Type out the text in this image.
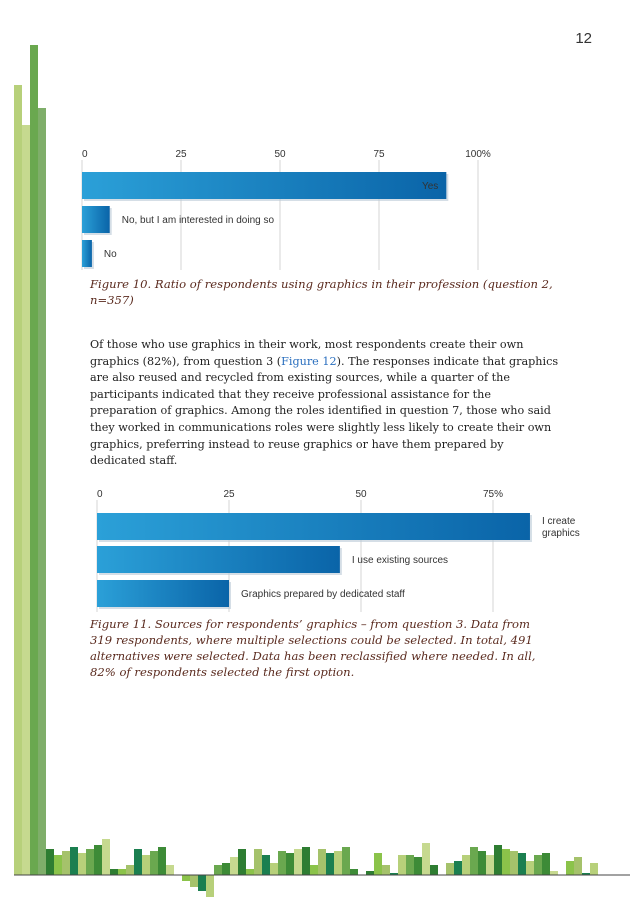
12
0	25	50	75	100%
Yes
No, but I am interested in doing so
No
Figure 10. Ratio of respondents using graphics in their profession (question 2, n=357)
Of those who use graphics in their work, most respondents create their own graphics (82%), from question 3 (Figure 12). The responses indicate that graphics are also reused and recycled from existing sources, while a quarter of the participants indicated that they receive professional assistance for the preparation of graphics. Among the roles identified in question 7, those who said they worked in communications roles were slightly less likely to create their own graphics, preferring instead to reuse graphics or have them prepared by dedicated staff.
0	25	50	75%
I create
graphics
I use existing sources
Graphics prepared by dedicated staff
Figure 11. Sources for respondents’ graphics – from question 3. Data from 319 respondents, where multiple selections could be selected. In total, 491 alternatives were selected. Data has been reclassified where needed. In all, 82% of respondents selected the first option.
